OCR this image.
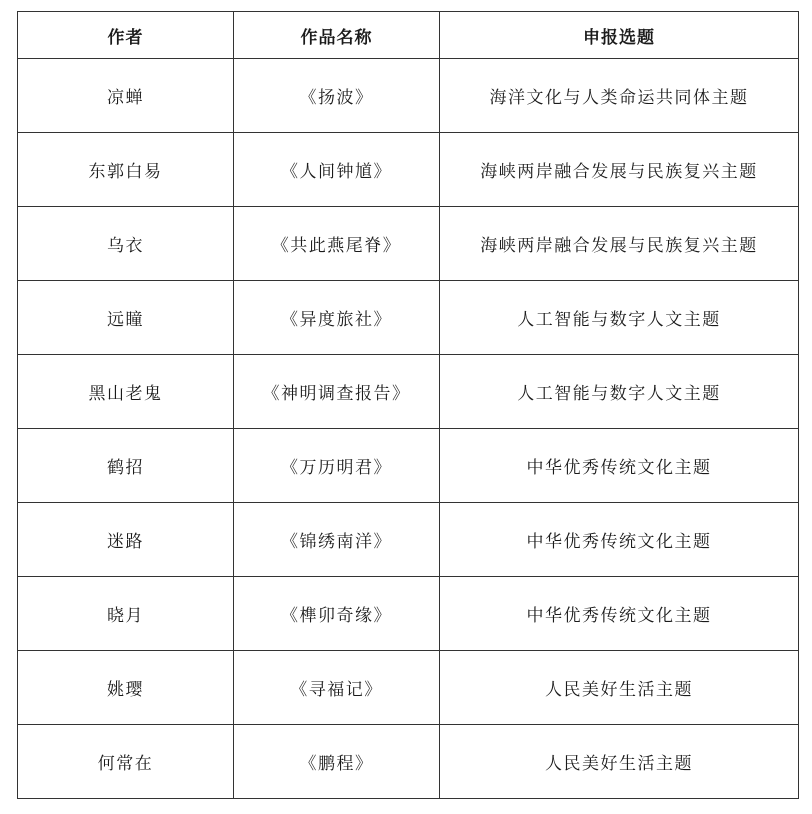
作者	作品名称	申报选题
凉蝉	《扬波》	海洋文化与人类命运共同体主题
东郭白易	《人间钟馗》	海峡两岸融合发展与民族复兴主题
乌衣	《共此燕尾脊》	海峡两岸融合发展与民族复兴主题
远瞳	《异度旅社》	人工智能与数字人文主题
黑山老鬼	《神明调查报告》	人工智能与数字人文主题
鹤招	《万历明君》	中华优秀传统文化主题
迷路	《锦绣南洋》	中华优秀传统文化主题
晓月	《榫卯奇缘》	中华优秀传统文化主题
姚璎	《寻福记》	人民美好生活主题
何常在	《鹏程》	人民美好生活主题
